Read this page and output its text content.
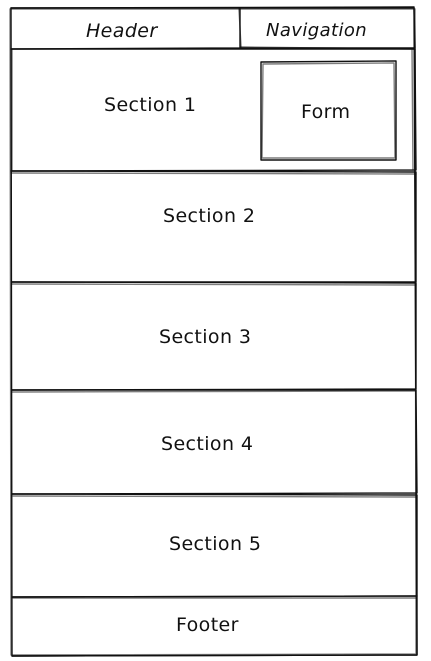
Header	Navigation
Section 1	Form
Section 2
Section 3
Section 4
Section 5
Footer
